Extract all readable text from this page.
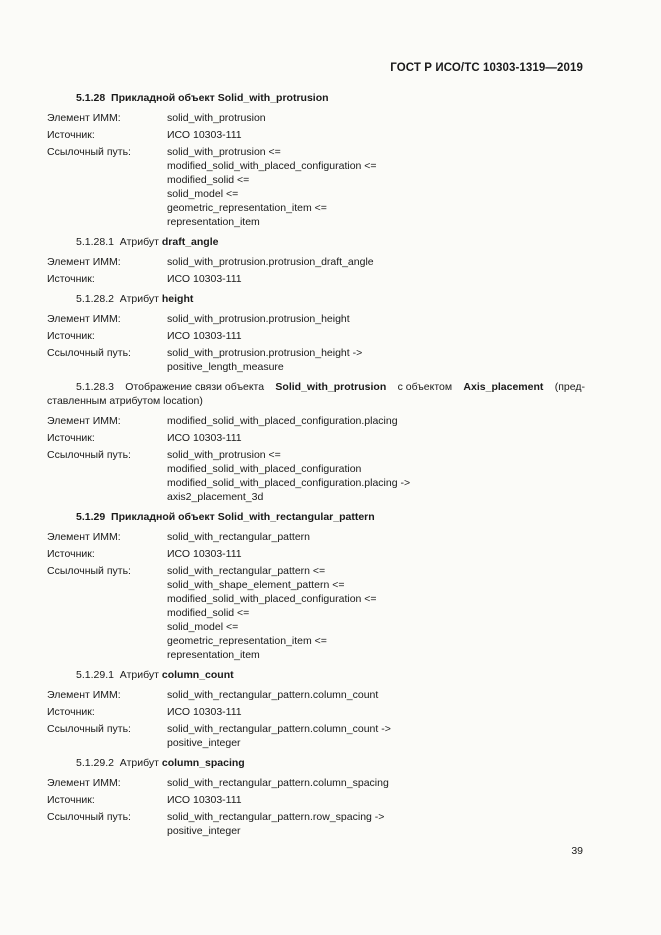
ГОСТ Р ИСО/ТС 10303-1319—2019
5.1.28 Прикладной объект Solid_with_protrusion
Элемент ИММ:	solid_with_protrusion
Источник:	ИСО 10303-111
Ссылочный путь:	solid_with_protrusion <=
modified_solid_with_placed_configuration <=
modified_solid <=
solid_model <=
geometric_representation_item <=
representation_item
5.1.28.1 Атрибут draft_angle
Элемент ИММ:	solid_with_protrusion.protrusion_draft_angle
Источник:	ИСО 10303-111
5.1.28.2 Атрибут height
Элемент ИММ:	solid_with_protrusion.protrusion_height
Источник:	ИСО 10303-111
Ссылочный путь:	solid_with_protrusion.protrusion_height ->
positive_length_measure
5.1.28.3 Отображение связи объекта Solid_with_protrusion с объектом Axis_placement (пред-
ставленным атрибутом location)
Элемент ИММ:	modified_solid_with_placed_configuration.placing
Источник:	ИСО 10303-111
Ссылочный путь:	solid_with_protrusion <=
modified_solid_with_placed_configuration
modified_solid_with_placed_configuration.placing ->
axis2_placement_3d
5.1.29 Прикладной объект Solid_with_rectangular_pattern
Элемент ИММ:	solid_with_rectangular_pattern
Источник:	ИСО 10303-111
Ссылочный путь:	solid_with_rectangular_pattern <=
solid_with_shape_element_pattern <=
modified_solid_with_placed_configuration <=
modified_solid <=
solid_model <=
geometric_representation_item <=
representation_item
5.1.29.1 Атрибут column_count
Элемент ИММ:	solid_with_rectangular_pattern.column_count
Источник:	ИСО 10303-111
Ссылочный путь:	solid_with_rectangular_pattern.column_count ->
positive_integer
5.1.29.2 Атрибут column_spacing
Элемент ИММ:	solid_with_rectangular_pattern.column_spacing
Источник:	ИСО 10303-111
Ссылочный путь:	solid_with_rectangular_pattern.row_spacing ->
positive_integer
39
